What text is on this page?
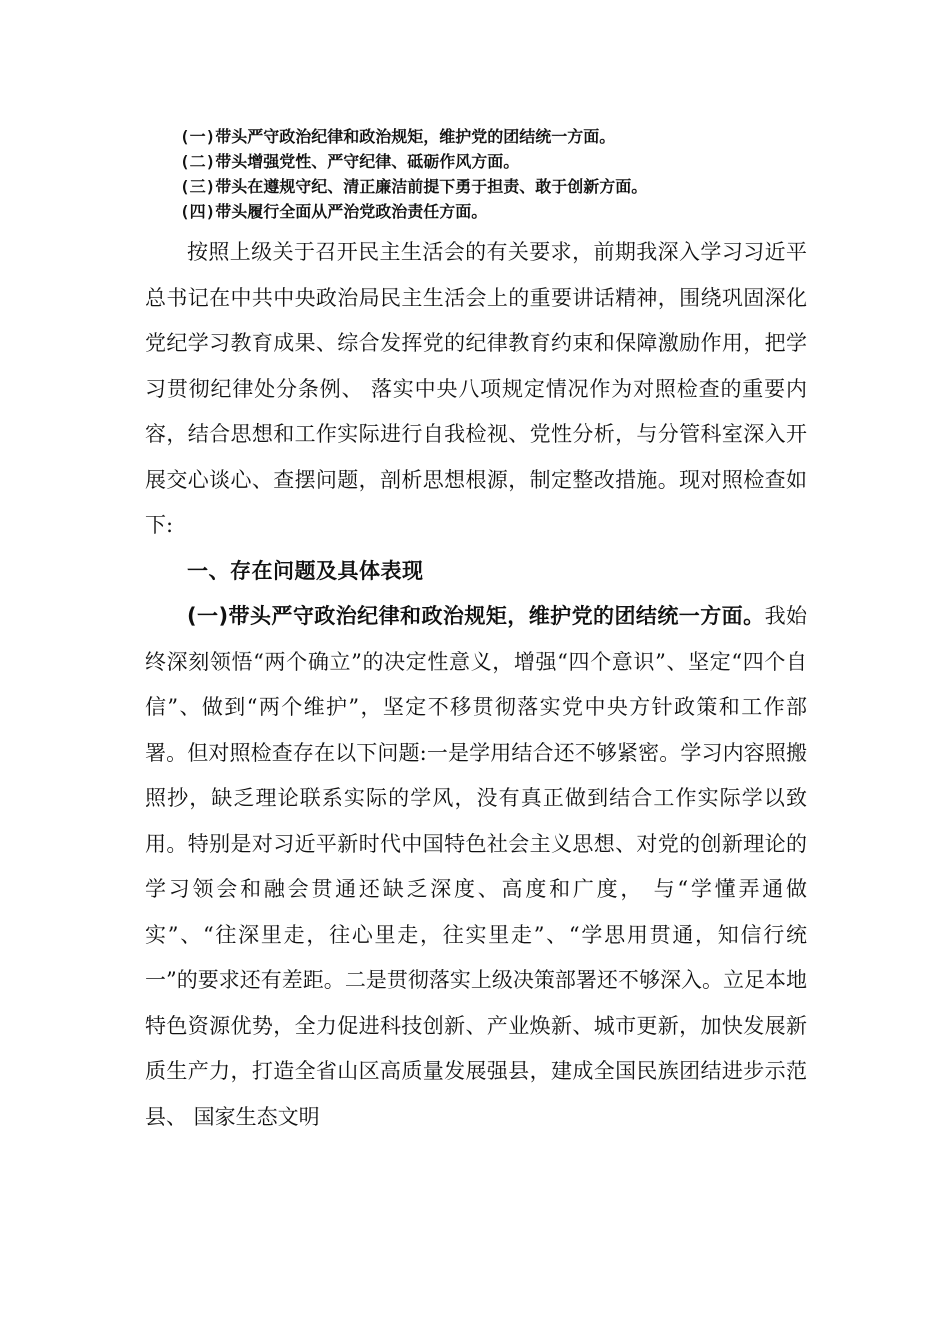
(一)带头严守政治纪律和政治规矩，维护党的团结统一方面。
(二)带头增强党性、严守纪律、砥砺作风方面。
(三)带头在遵规守纪、清正廉洁前提下勇于担责、敢于创新方面。
(四)带头履行全面从严治党政治责任方面。

按照上级关于召开民主生活会的有关要求，前期我深入学习习近平总书记在中共中央政治局民主生活会上的重要讲话精神，围绕巩固深化党纪学习教育成果、综合发挥党的纪律教育约束和保障激励作用，把学习贯彻纪律处分条例、 落实中央八项规定情况作为对照检查的重要内容，结合思想和工作实际进行自我检视、党性分析，与分管科室深入开展交心谈心、查摆问题，剖析思想根源，制定整改措施。现对照检查如下:

一、存在问题及具体表现

(一)带头严守政治纪律和政治规矩，维护党的团结统一方面。我始终深刻领悟“两个确立”的决定性意义，增强“四个意识”、坚定“四个自信”、做到“两个维护”，坚定不移贯彻落实党中央方针政策和工作部署。但对照检查存在以下问题:一是学用结合还不够紧密。学习内容照搬照抄，缺乏理论联系实际的学风，没有真正做到结合工作实际学以致用。特别是对习近平新时代中国特色社会主义思想、对党的创新理论的学习领会和融会贯通还缺乏深度、高度和广度， 与“学懂弄通做实”、“往深里走，往心里走，往实里走”、“学思用贯通，知信行统一”的要求还有差距。二是贯彻落实上级决策部署还不够深入。立足本地特色资源优势，全力促进科技创新、产业焕新、城市更新，加快发展新质生产力，打造全省山区高质量发展强县，建成全国民族团结进步示范县、 国家生态文明
